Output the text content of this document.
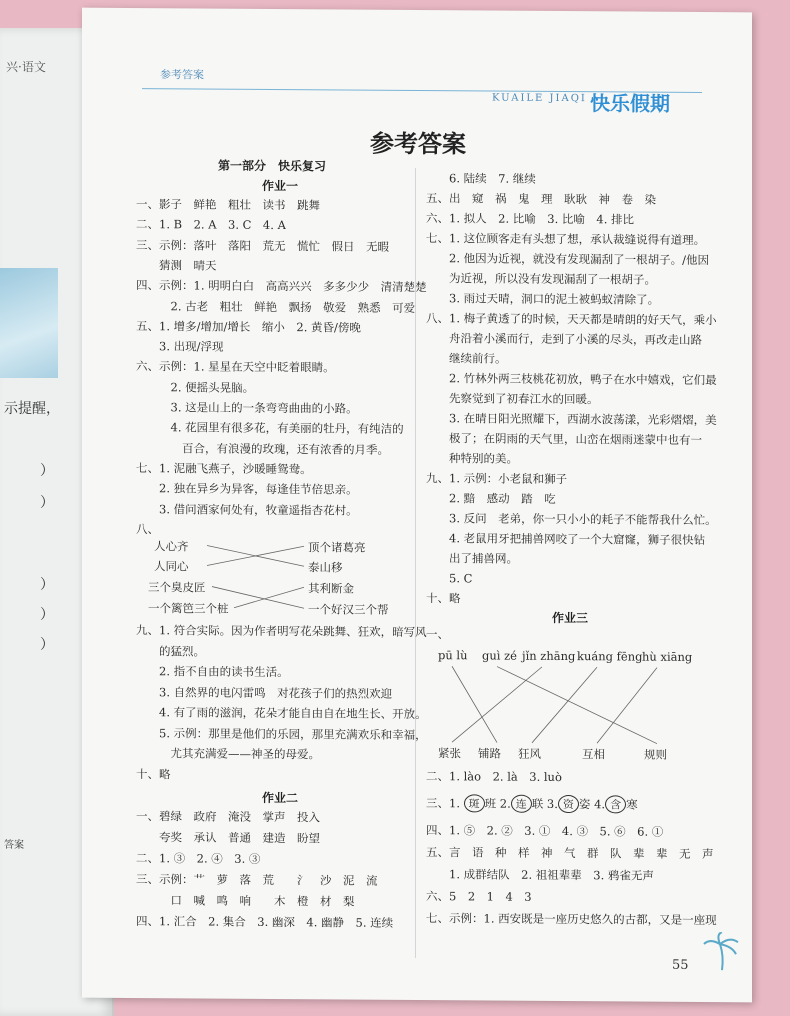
兴·语文
示提醒，
）
）
）
）
）
答案
参考答案
KUAILE JIAQI 快乐假期
参考答案
第一部分　快乐复习
作业一
一、影子　鲜艳　粗壮　读书　跳舞
二、1. B　2. A　3. C　4. A
三、示例：落叶　落阳　荒无　慌忙　假日　无暇
　　猜测　晴天
四、示例：1. 明明白白　高高兴兴　多多少少　清清楚楚
　　　2. 古老　粗壮　鲜艳　飘扬　敬爱　熟悉　可爱
五、1. 增多/增加/增长　缩小　2. 黄昏/傍晚
　　3. 出现/浮现
六、示例：1. 星星在天空中眨着眼睛。
　　　2. 便摇头晃脑。
　　　3. 这是山上的一条弯弯曲曲的小路。
　　　4. 花园里有很多花，有美丽的牡丹，有纯洁的
　　　　百合，有浪漫的玫瑰，还有浓香的月季。
七、1. 泥融飞燕子，沙暖睡鸳鸯。
　　2. 独在异乡为异客，每逢佳节倍思亲。
　　3. 借问酒家何处有，牧童遥指杏花村。
八、
人心齐
人同心
三个臭皮匠
一个篱笆三个桩
顶个诸葛亮
泰山移
其利断金
一个好汉三个帮
九、1. 符合实际。因为作者明写花朵跳舞、狂欢，暗写风
　　的猛烈。
　　2. 指不自由的读书生活。
　　3. 自然界的电闪雷鸣　对花孩子们的热烈欢迎
　　4. 有了雨的滋润，花朵才能自由自在地生长、开放。
　　5. 示例：那里是他们的乐园，那里充满欢乐和幸福，
　　　尤其充满爱——神圣的母爱。
十、略
作业二
一、碧绿　政府　淹没　掌声　投入
　　夸奖　承认　普通　建造　盼望
二、1. ③　2. ④　3. ③
三、示例：艹　萝　落　荒　　氵　沙　泥　流
　　　口　喊　鸣　响　　木　橙　材　梨
四、1. 汇合　2. 集合　3. 幽深　4. 幽静　5. 连续
　　6. 陆续　7. 继续
五、出　窥　祸　鬼　理　耿耿　神　卷　染
六、1. 拟人　2. 比喻　3. 比喻　4. 排比
七、1. 这位顾客走有头想了想，承认裁缝说得有道理。
　　2. 他因为近视，就没有发现漏刮了一根胡子。/他因
　　为近视，所以没有发现漏刮了一根胡子。
　　3. 雨过天晴，洞口的泥土被蚂蚁清除了。
八、1. 梅子黄透了的时候，天天都是晴朗的好天气，乘小
　　舟沿着小溪而行，走到了小溪的尽头，再改走山路
　　继续前行。
　　2. 竹林外两三枝桃花初放，鸭子在水中嬉戏，它们最
　　先察觉到了初春江水的回暖。
　　3. 在晴日阳光照耀下，西湖水波荡漾，光彩熠熠，美
　　极了；在阴雨的天气里，山峦在烟雨迷蒙中也有一
　　种特别的美。
九、1. 示例：小老鼠和狮子
　　2. 黯　感动　踏　吃
　　3. 反问　老弟，你一只小小的耗子不能帮我什么忙。
　　4. 老鼠用牙把捕兽网咬了一个大窟窿，狮子很快钻
　　出了捕兽网。
　　5. C
十、略
作业三
一、
pū lù guì zé jǐn zhāng kuáng fēng hù xiāng
紧张 铺路 狂风	互相	规则
二、1. lào　2. là　3. luò
三、1. 斑 班 2. 连 联 3. 资 姿 4. 含 寒
四、1. ⑤　2. ②　3. ①　4. ③　5. ⑥　6. ①
五、言　语　种　样　神　气　群　队　辈　辈　无　声
　　1. 成群结队　2. 祖祖辈辈　3. 鸦雀无声
六、5　2　1　4　3
七、示例：1. 西安既是一座历史悠久的古都，又是一座现
55
